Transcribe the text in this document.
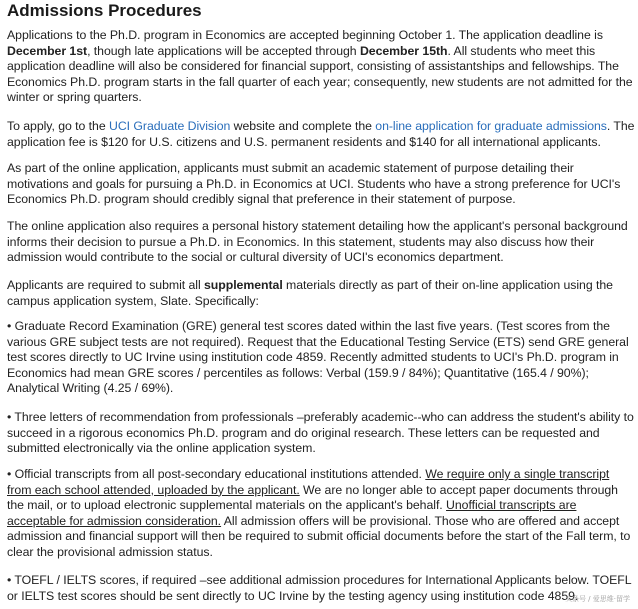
Admissions Procedures

Applications to the Ph.D. program in Economics are accepted beginning October 1. The application deadline is December 1st, though late applications will be accepted through December 15th. All students who meet this application deadline will also be considered for financial support, consisting of assistantships and fellowships. The Economics Ph.D. program starts in the fall quarter of each year; consequently, new students are not admitted for the winter or spring quarters.

To apply, go to the UCI Graduate Division website and complete the on-line application for graduate admissions. The application fee is $120 for U.S. citizens and U.S. permanent residents and $140 for all international applicants.

As part of the online application, applicants must submit an academic statement of purpose detailing their motivations and goals for pursuing a Ph.D. in Economics at UCI. Students who have a strong preference for UCI's Economics Ph.D. program should credibly signal that preference in their statement of purpose.

The online application also requires a personal history statement detailing how the applicant's personal background informs their decision to pursue a Ph.D. in Economics. In this statement, students may also discuss how their admission would contribute to the social or cultural diversity of UCI's economics department.

Applicants are required to submit all supplemental materials directly as part of their on-line application using the campus application system, Slate. Specifically:

• Graduate Record Examination (GRE) general test scores dated within the last five years. (Test scores from the various GRE subject tests are not required). Request that the Educational Testing Service (ETS) send GRE general test scores directly to UC Irvine using institution code 4859. Recently admitted students to UCI's Ph.D. program in Economics had mean GRE scores / percentiles as follows: Verbal (159.9 / 84%); Quantitative (165.4 / 90%); Analytical Writing (4.25 / 69%).

• Three letters of recommendation from professionals –preferably academic--who can address the student's ability to succeed in a rigorous economics Ph.D. program and do original research. These letters can be requested and submitted electronically via the online application system.

• Official transcripts from all post-secondary educational institutions attended. We require only a single transcript from each school attended, uploaded by the applicant. We are no longer able to accept paper documents through the mail, or to upload electronic supplemental materials on the applicant's behalf. Unofficial transcripts are acceptable for admission consideration. All admission offers will be provisional. Those who are offered and accept admission and financial support will then be required to submit official documents before the start of the Fall term, to clear the provisional admission status.

• TOEFL / IELTS scores, if required –see additional admission procedures for International Applicants below. TOEFL or IELTS test scores should be sent directly to UC Irvine by the testing agency using institution code 4859.

头条号 / 爱思维·留学
